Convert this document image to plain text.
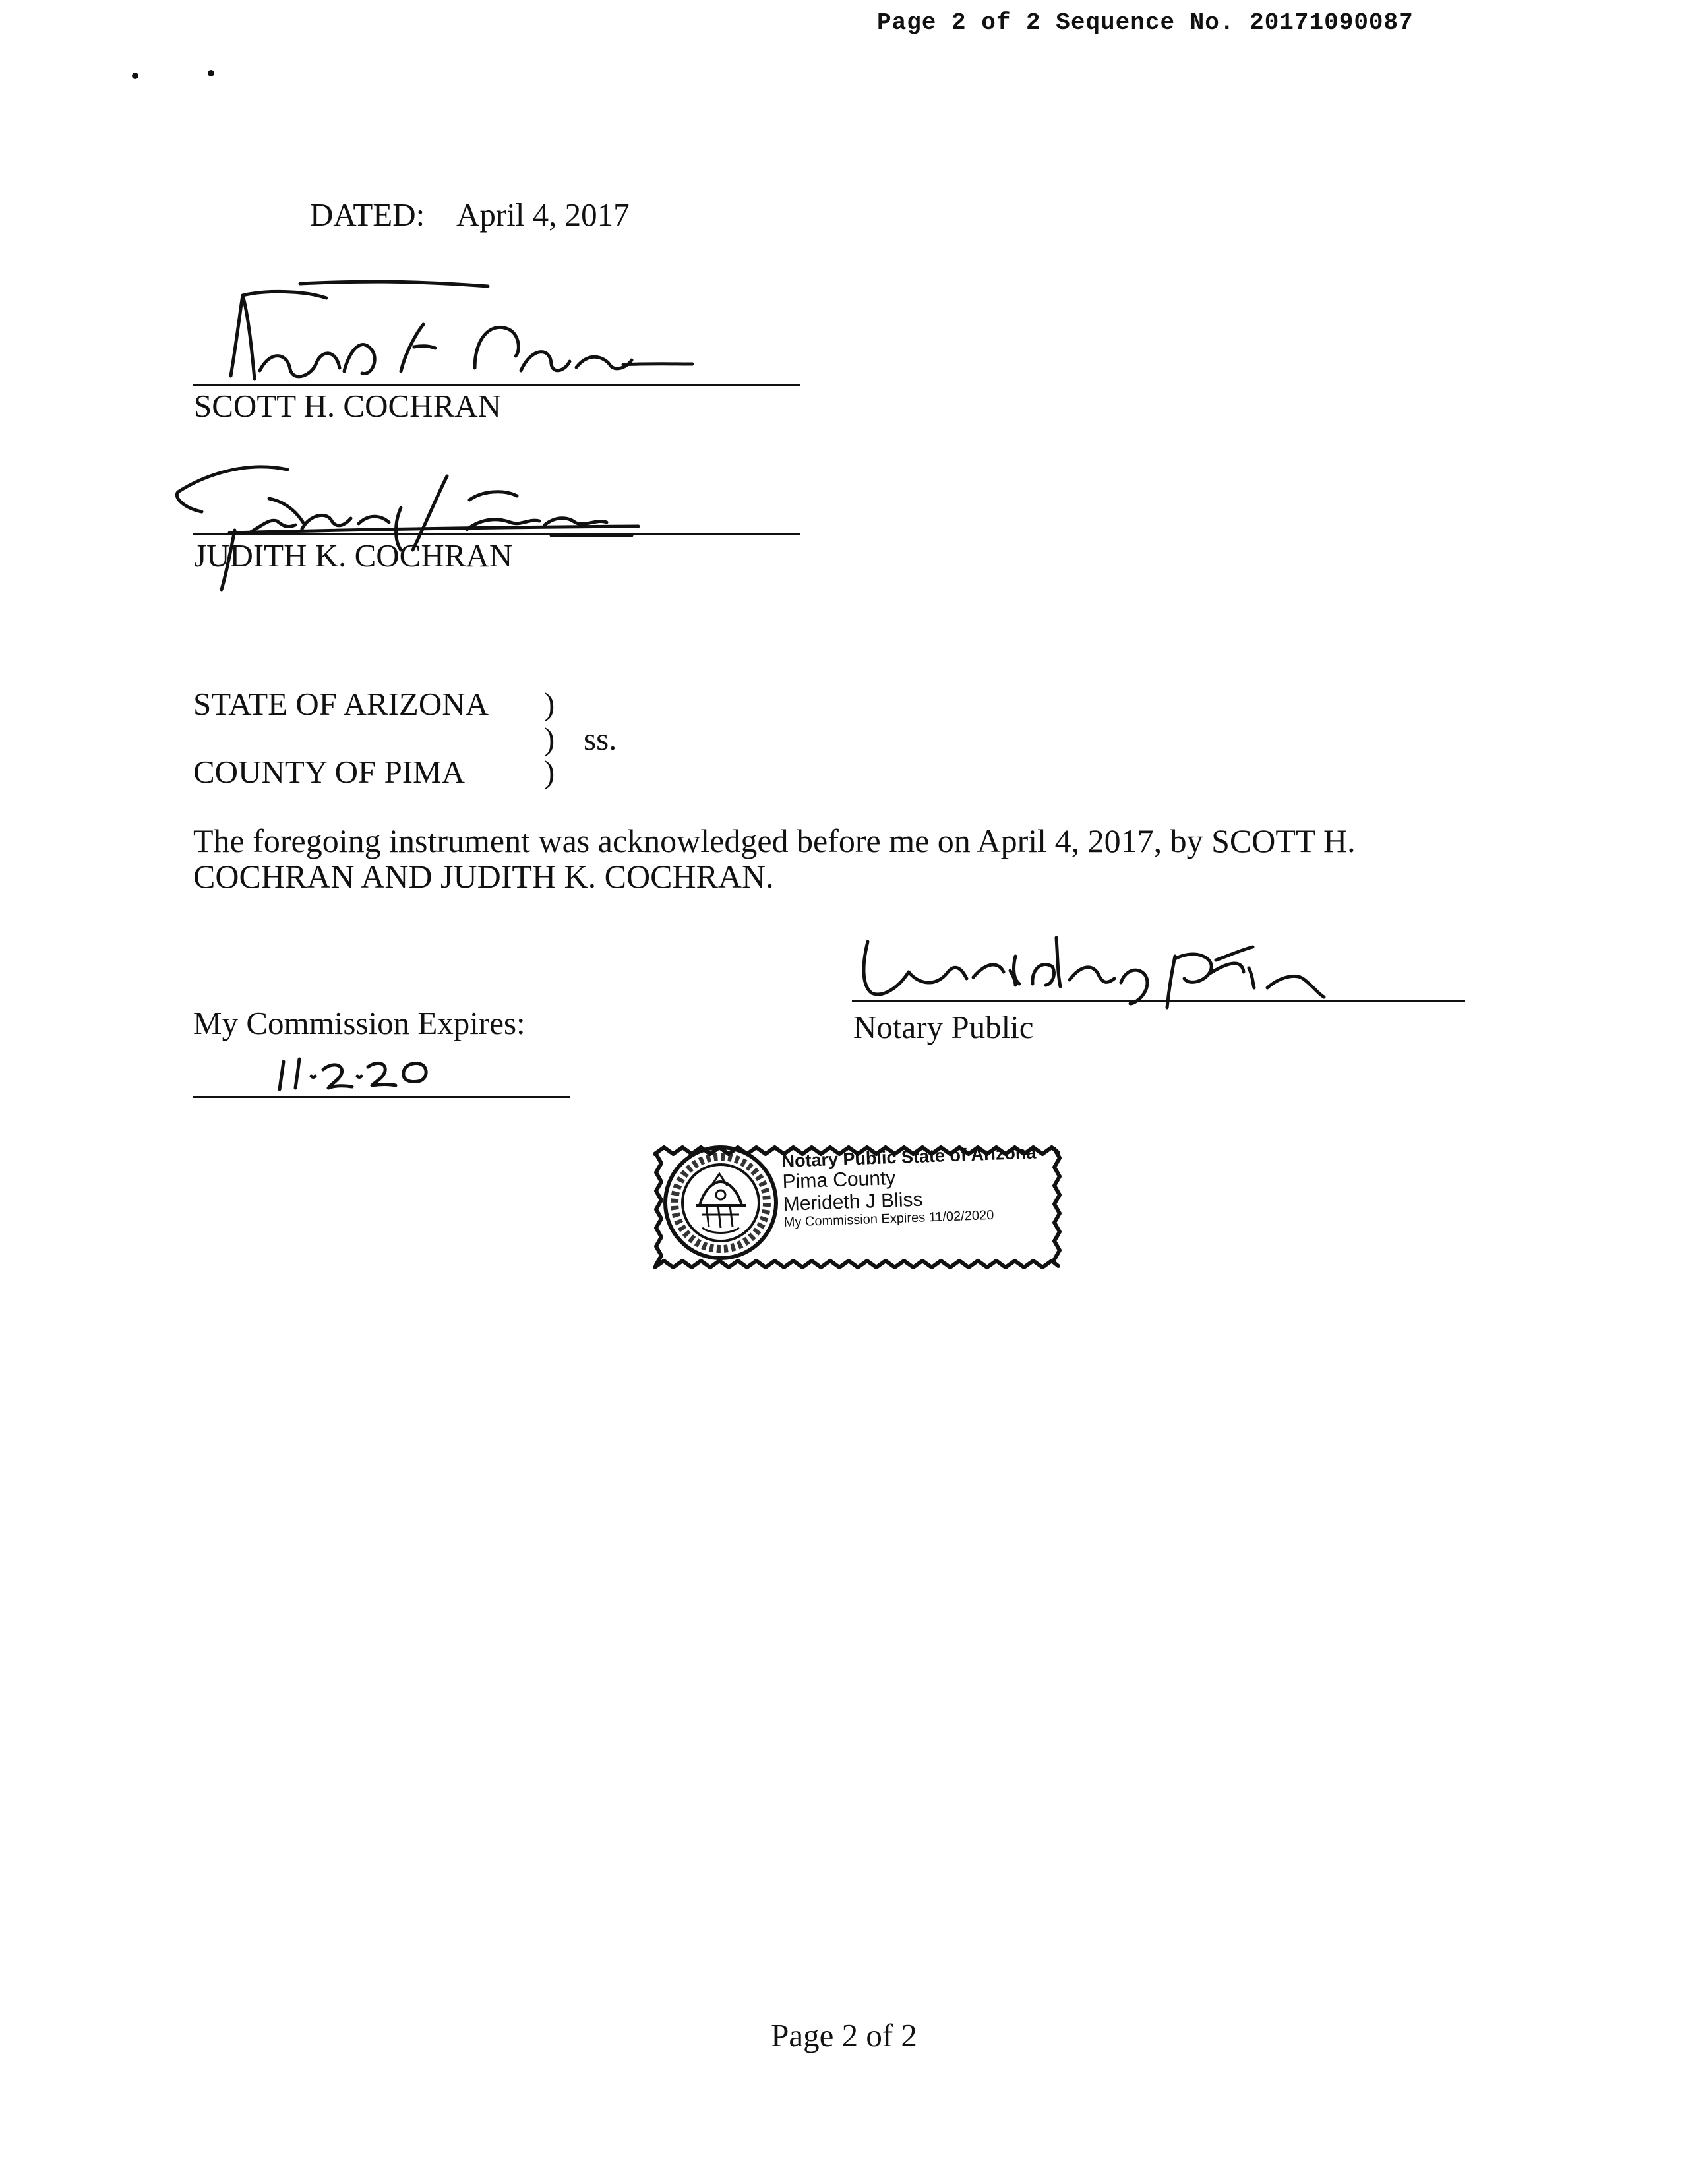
Page 2 of 2 Sequence No. 20171090087
DATED: April 4, 2017
SCOTT H. COCHRAN
JUDITH K. COCHRAN
STATE OF ARIZONA )
) ss.
COUNTY OF PIMA )
The foregoing instrument was acknowledged before me on April 4, 2017, by SCOTT H.
COCHRAN AND JUDITH K. COCHRAN.
Notary Public
My Commission Expires:
Notary Public State of Arizona
Pima County
Merideth J Bliss
My Commission Expires 11/02/2020
Page 2 of 2
